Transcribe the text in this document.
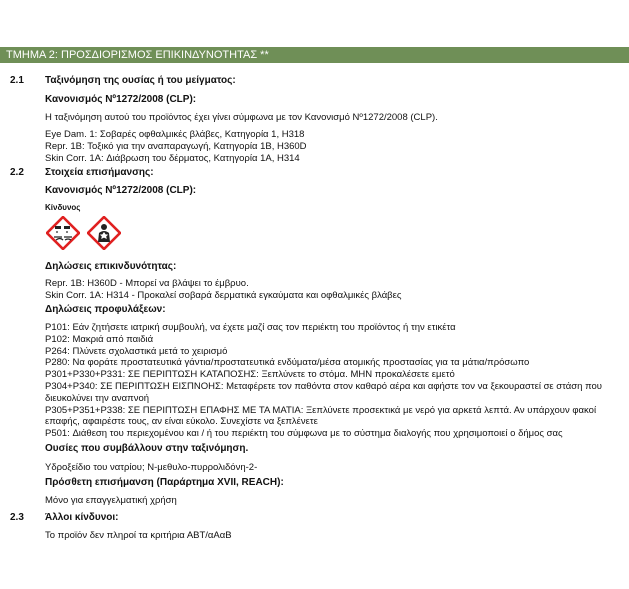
ΤΜΗΜΑ 2: ΠΡΟΣΔΙΟΡΙΣΜΟΣ ΕΠΙΚΙΝΔΥΝΟΤΗΤΑΣ **
2.1 Ταξινόμηση της ουσίας ή του μείγματος:
Κανονισμός Nº1272/2008 (CLP):
Η ταξινόμηση αυτού του προϊόντος έχει γίνει σύμφωνα με τον Κανονισμό Nº1272/2008 (CLP).
Eye Dam. 1: Σοβαρές οφθαλμικές βλάβες, Κατηγορία 1, H318
Repr. 1B: Τοξικό για την αναπαραγωγή, Κατηγορία 1B, H360D
Skin Corr. 1A: Διάβρωση του δέρματος, Κατηγορία 1A, H314
2.2 Στοιχεία επισήμανσης:
Κανονισμός Nº1272/2008 (CLP):
Κίνδυνος
Δηλώσεις επικινδυνότητας:
Repr. 1B: H360D - Μπορεί να βλάψει το έμβρυο.
Skin Corr. 1A: H314 - Προκαλεί σοβαρά δερματικά εγκαύματα και οφθαλμικές βλάβες
Δηλώσεις προφυλάξεων:
P101: Εάν ζητήσετε ιατρική συμβουλή, να έχετε μαζί σας τον περιέκτη του προϊόντος ή την ετικέτα
P102: Μακριά από παιδιά
P264: Πλύνετε σχολαστικά μετά το χειρισμό
P280: Να φοράτε προστατευτικά γάντια/προστατευτικά ενδύματα/μέσα ατομικής προστασίας για τα μάτια/πρόσωπο
P301+P330+P331: ΣΕ ΠΕΡΙΠΤΩΣΗ ΚΑΤΑΠΟΣΗΣ: Ξεπλύνετε το στόμα. ΜΗΝ προκαλέσετε εμετό
P304+P340: ΣΕ ΠΕΡΙΠΤΩΣΗ ΕΙΣΠΝΟΗΣ: Μεταφέρετε τον παθόντα στον καθαρό αέρα και αφήστε τον να ξεκουραστεί σε στάση που διευκολύνει την αναπνοή
P305+P351+P338: ΣΕ ΠΕΡΙΠΤΩΣΗ ΕΠΑΦΗΣ ΜΕ ΤΑ ΜΑΤΙΑ: Ξεπλύνετε προσεκτικά με νερό για αρκετά λεπτά. Αν υπάρχουν φακοί επαφής, αφαιρέστε τους, αν είναι εύκολο. Συνεχίστε να ξεπλένετε
P501: Διάθεση του περιεχομένου και / ή του περιέκτη του σύμφωνα με το σύστημα διαλογής που χρησιμοποιεί ο δήμος σας
Ουσίες που συμβάλλουν στην ταξινόμηση.
Υδροξείδιο του νατρίου; N-μεθυλο-πυρρολιδόνη-2-
Πρόσθετη επισήμανση (Παράρτημα XVII, REACH):
Μόνο για επαγγελματική χρήση
2.3 Άλλοι κίνδυνοι:
Το προϊόν δεν πληροί τα κριτήρια ΑΒΤ/αΑαΒ
